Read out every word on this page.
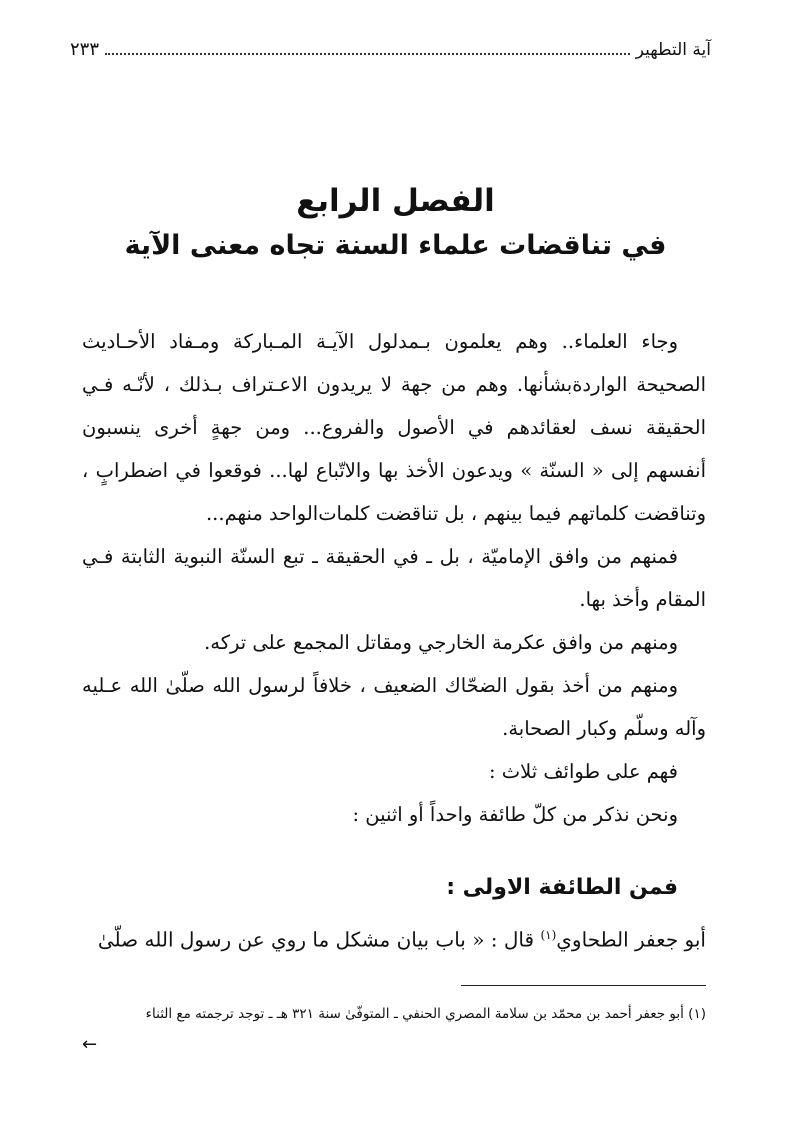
آية التطهير
٢٣٣
الفصل الرابع
في تناقضات علماء السنة تجاه معنى الآية

وجاء العلماء.. وهم يعلمون بـمدلول الآيـة المـباركة ومـفاد الأحـاديث الصحيحة الواردةبشأنها. وهم من جهة لا يريدون الاعـتراف بـذلك ، لأنّـه فـي الحقيقة نسف لعقائدهم في الأصول والفروع... ومن جهةٍ أخرى ينسبون أنفسهم إلى « السنّة » ويدعون الأخذ بها والاتّباع لها... فوقعوا في اضطرابٍ ، وتناقضت كلماتهم فيما بينهم ، بل تناقضت كلمات‌الواحد منهم...

فمنهم من وافق الإماميّة ، بل ـ في الحقيقة ـ تبع السنّة النبوية الثابتة فـي المقام وأخذ بها.

ومنهم من وافق عكرمة الخارجي ومقاتل المجمع على تركه.

ومنهم من أخذ بقول الضحّاك الضعيف ، خلافاً لرسول الله صلّىٰ الله عـليه وآله وسلّم وكبار الصحابة.

فهم على طوائف ثلاث :

ونحن نذكر من كلّ طائفة واحداً أو اثنين :

فمن الطائفة الاولى :
أبو جعفر الطحاوي$^{(١)}$ قال : « باب بيان مشكل ما روي عن رسول الله صلّىٰ
(١) أبو جعفر أحمد بن محمّد بن سلامة المصري الحنفي ـ المتوفّىٰ سنة ٣٢١ هـ ـ توجد ترجمته مع الثناء
←
